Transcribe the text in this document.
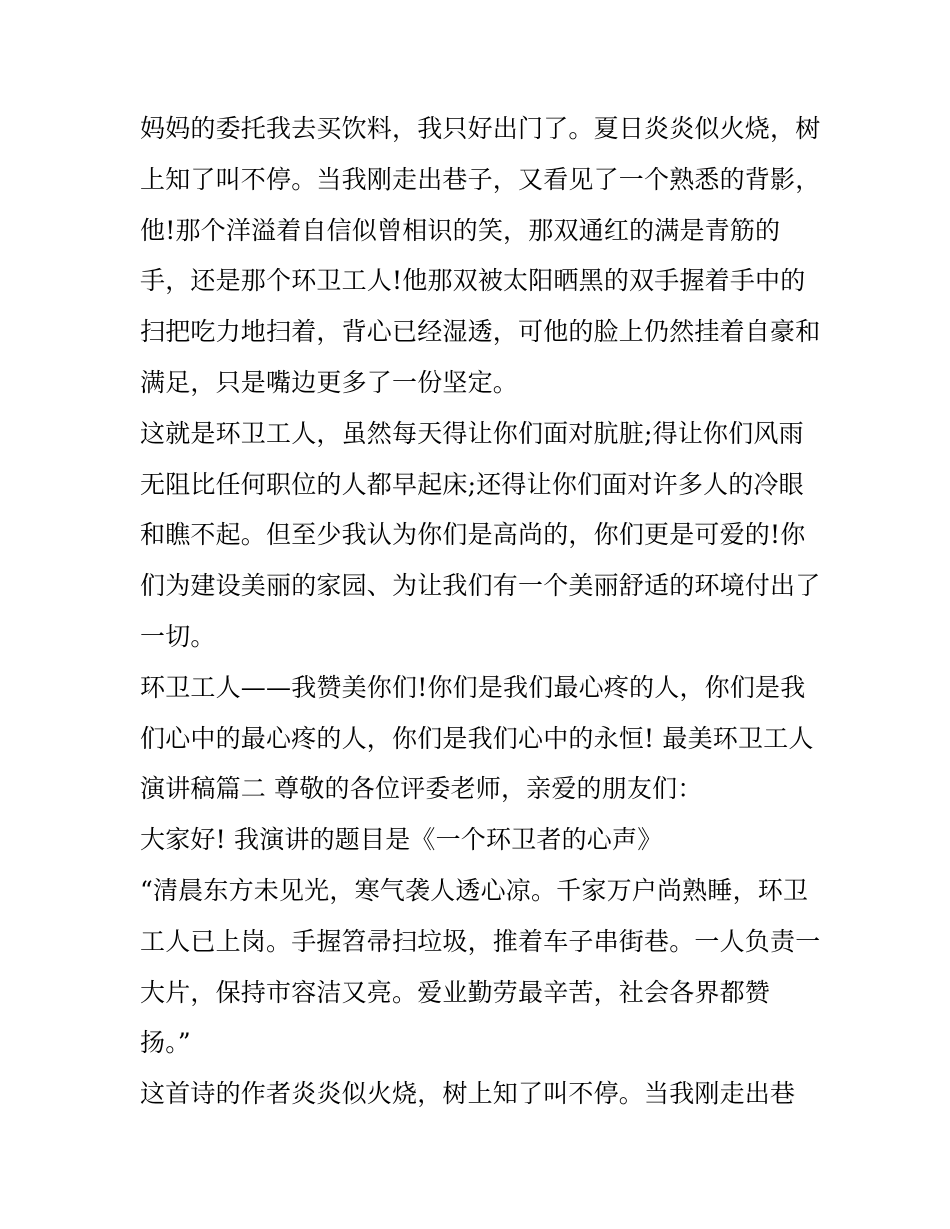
妈妈的委托我去买饮料，我只好出门了。夏日炎炎似火烧，树
上知了叫不停。当我刚走出巷子，又看见了一个熟悉的背影，
他!那个洋溢着自信似曾相识的笑，那双通红的满是青筋的
手，还是那个环卫工人!他那双被太阳晒黑的双手握着手中的
扫把吃力地扫着，背心已经湿透，可他的脸上仍然挂着自豪和
满足，只是嘴边更多了一份坚定。
这就是环卫工人，虽然每天得让你们面对肮脏;得让你们风雨
无阻比任何职位的人都早起床;还得让你们面对许多人的冷眼
和瞧不起。但至少我认为你们是高尚的，你们更是可爱的!你
们为建设美丽的家园、为让我们有一个美丽舒适的环境付出了
一切。
环卫工人——我赞美你们!你们是我们最心疼的人，你们是我
们心中的最心疼的人，你们是我们心中的永恒! 最美环卫工人
演讲稿篇二 尊敬的各位评委老师，亲爱的朋友们：
大家好! 我演讲的题目是《一个环卫者的心声》
“清晨东方未见光，寒气袭人透心凉。千家万户尚熟睡，环卫
工人已上岗。手握笤帚扫垃圾，推着车子串街巷。一人负责一
大片，保持市容洁又亮。爱业勤劳最辛苦，社会各界都赞
扬。”
这首诗的作者炎炎似火烧，树上知了叫不停。当我刚走出巷
